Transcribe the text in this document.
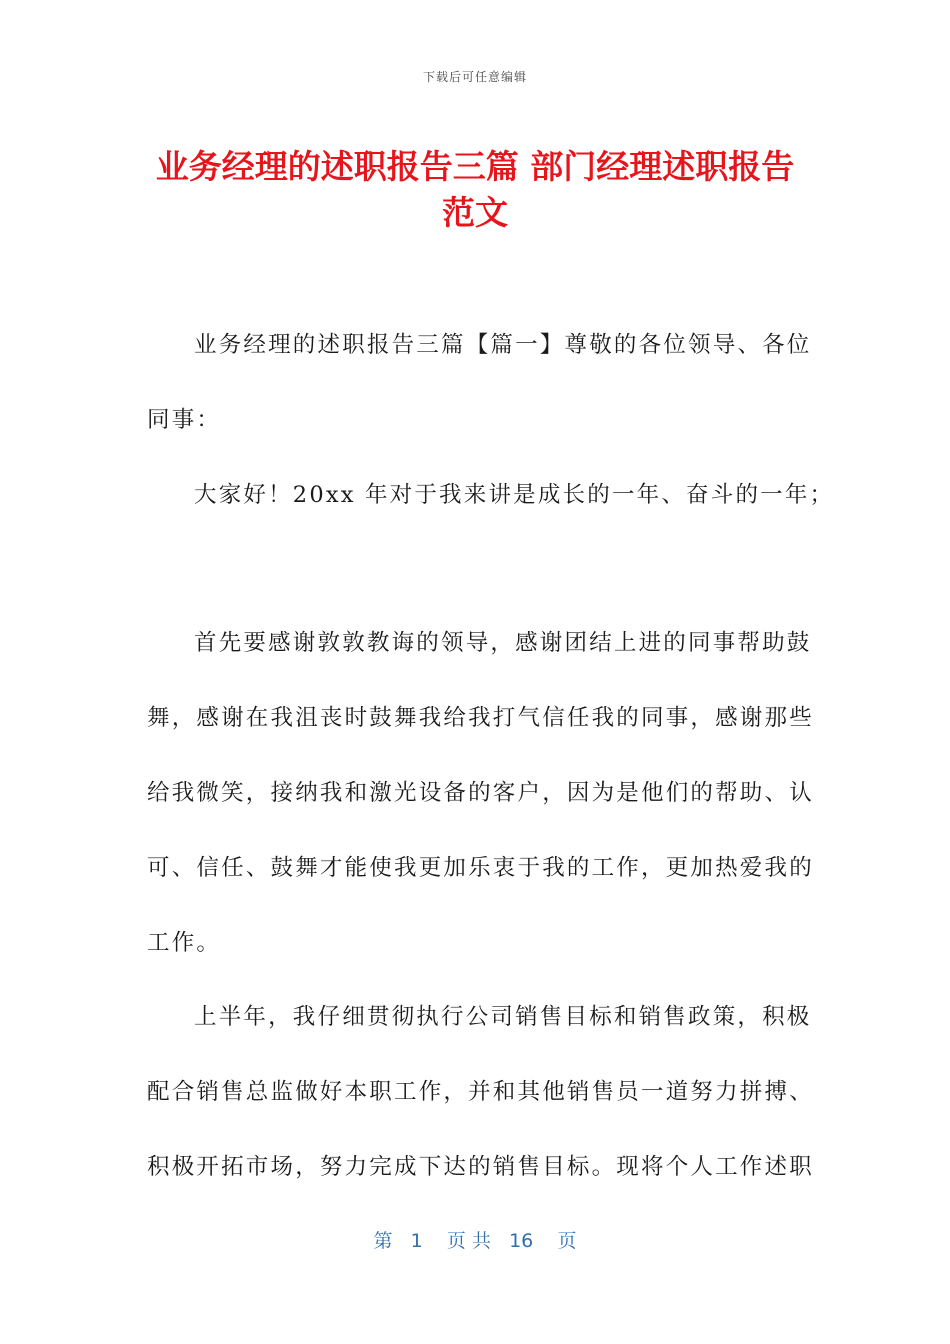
下载后可任意编辑
业务经理的述职报告三篇 部门经理述职报告
范文
业务经理的述职报告三篇【篇一】尊敬的各位领导、各位
同事：
大家好！20xx 年对于我来讲是成长的一年、奋斗的一年；
首先要感谢敦敦教诲的领导，感谢团结上进的同事帮助鼓
舞，感谢在我沮丧时鼓舞我给我打气信任我的同事，感谢那些
给我微笑，接纳我和激光设备的客户，因为是他们的帮助、认
可、信任、鼓舞才能使我更加乐衷于我的工作，更加热爱我的
工作。
上半年，我仔细贯彻执行公司销售目标和销售政策，积极
配合销售总监做好本职工作，并和其他销售员一道努力拼搏、
积极开拓市场，努力完成下达的销售目标。现将个人工作述职
第 1 页 共 16 页
